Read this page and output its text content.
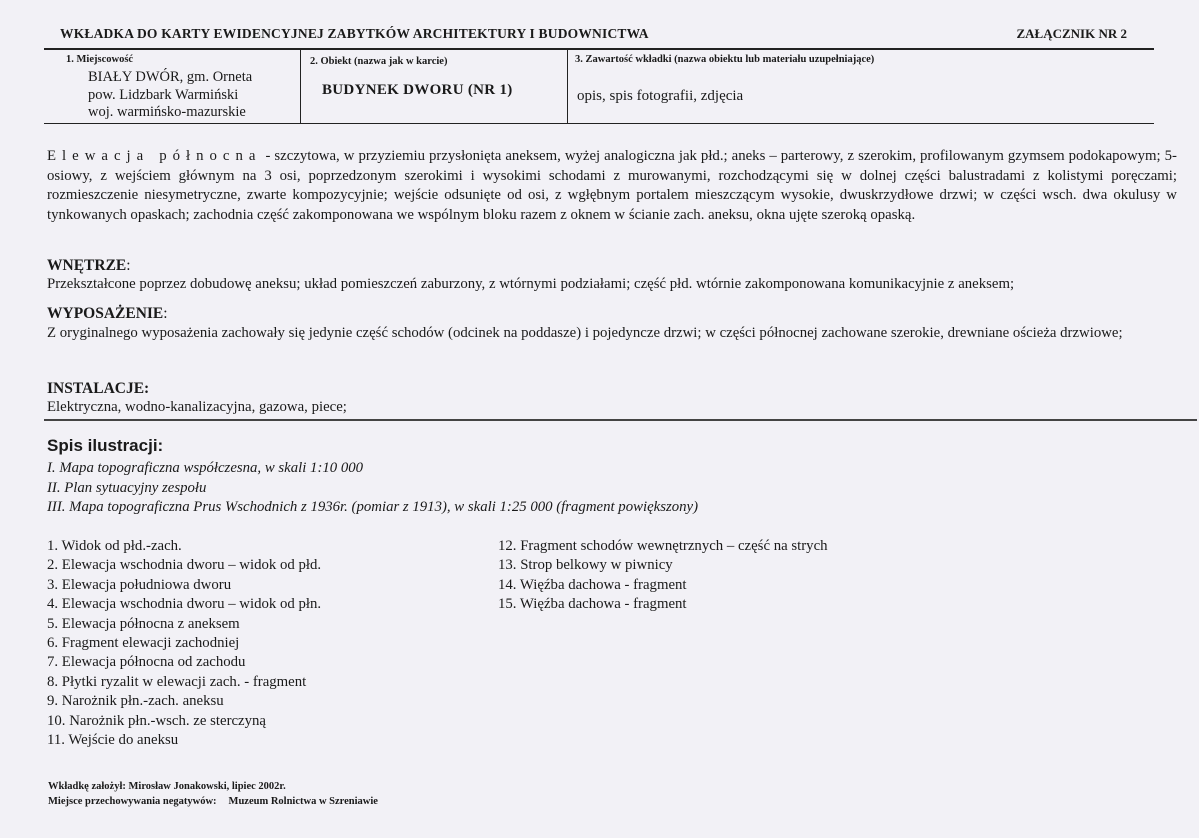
WKŁADKA DO KARTY EWIDENCYJNEJ ZABYTKÓW ARCHITEKTURY I BUDOWNICTWA	ZAŁĄCZNIK NR 2
1. Miejscowość
BIAŁY DWÓR, gm. Orneta
pow. Lidzbark Warmiński
woj. warmińsko-mazurskie
2. Obiekt (nazwa jak w karcie)
BUDYNEK DWORU (NR 1)
3. Zawartość wkładki (nazwa obiektu lub materiału uzupełniające)
opis, spis fotografii, zdjęcia
Elewacja północna - szczytowa, w przyziemiu przysłonięta aneksem, wyżej analogiczna jak płd.; aneks – parterowy, z szerokim, profilowanym gzymsem podokapowym; 5-osiowy, z wejściem głównym na 3 osi, poprzedzonym szerokimi i wysokimi schodami z murowanymi, rozchodzącymi się w dolnej części balustradami z kolistymi poręczami; rozmieszczenie niesymetryczne, zwarte kompozycyjnie; wejście odsunięte od osi, z wgłębnym portalem mieszczącym wysokie, dwuskrzydłowe drzwi; w części wsch. dwa okulusy w tynkowanych opaskach; zachodnia część zakomponowana we wspólnym bloku razem z oknem w ścianie zach. aneksu, okna ujęte szeroką opaską.
WNĘTRZE:
Przekształcone poprzez dobudowę aneksu; układ pomieszczeń zaburzony, z wtórnymi podziałami; część płd. wtórnie zakomponowana komunikacyjnie z aneksem;
WYPOSAŻENIE:
Z oryginalnego wyposażenia zachowały się jedynie część schodów (odcinek na poddasze) i pojedyncze drzwi; w części północnej zachowane szerokie, drewniane ościeża drzwiowe;
INSTALACJE:
Elektryczna, wodno-kanalizacyjna, gazowa, piece;
Spis ilustracji:
I. Mapa topograficzna współczesna, w skali 1:10 000
II. Plan sytuacyjny zespołu
III. Mapa topograficzna Prus Wschodnich z 1936r. (pomiar z 1913), w skali 1:25 000 (fragment powiększony)
1. Widok od płd.-zach.
2. Elewacja wschodnia dworu – widok od płd.
3. Elewacja południowa dworu
4. Elewacja wschodnia dworu – widok od płn.
5. Elewacja północna z aneksem
6. Fragment elewacji zachodniej
7. Elewacja północna od zachodu
8. Płytki ryzalit w elewacji zach. - fragment
9. Narożnik płn.-zach. aneksu
10. Narożnik płn.-wsch. ze sterczyną
11. Wejście do aneksu
12. Fragment schodów wewnętrznych – część na strych
13. Strop belkowy w piwnicy
14. Więźba dachowa - fragment
15. Więźba dachowa - fragment
Wkładkę założył: Mirosław Jonakowski, lipiec 2002r.
Miejsce przechowywania negatywów: Muzeum Rolnictwa w Szreniawie
